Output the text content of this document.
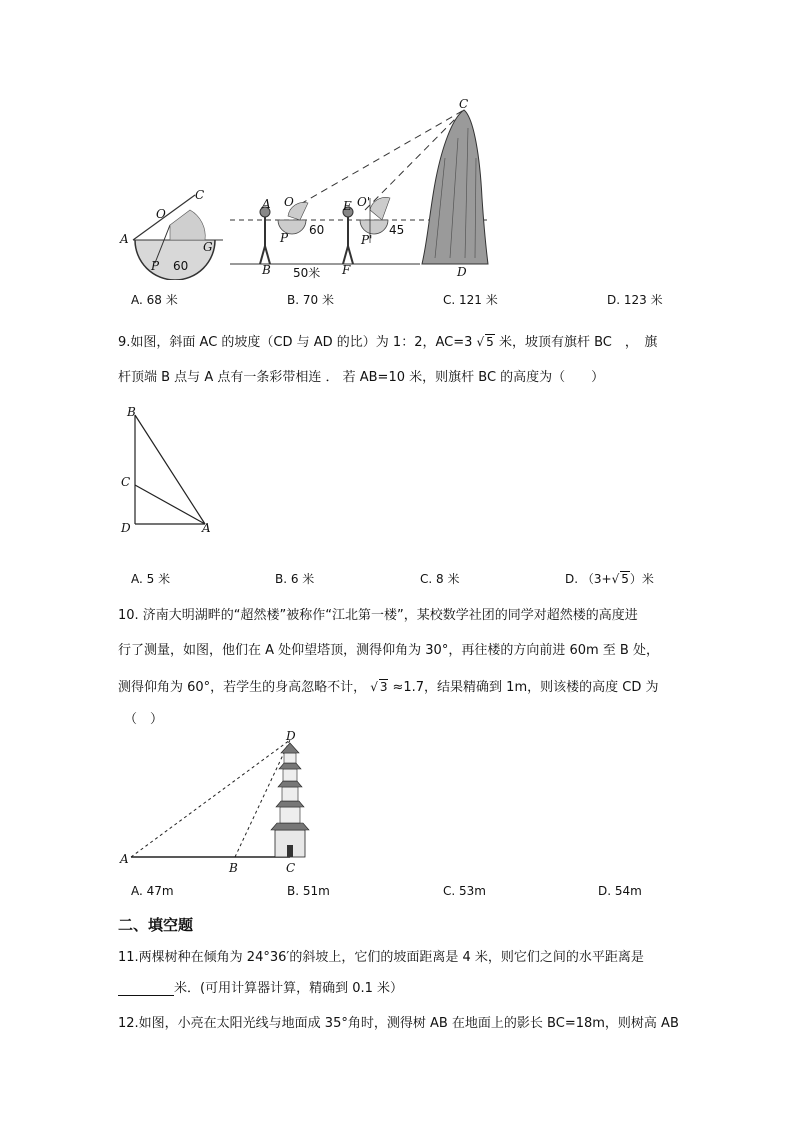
C
O
A
G
P 60
C
A O
P
60
E O'
P'
45
B 50米 F	D
A. 68 米	B. 70 米	C. 121 米	D. 123 米
9.如图，斜面 AC 的坡度（CD 与 AD 的比）为 1：2，AC=3 √ 5 米，坡顶有旗杆 BC　，　旗
杆顶端 B 点与 A 点有一条彩带相连 ． 若 AB=10 米，则旗杆 BC 的高度为（　　）
B
C
D	A
A. 5 米	B. 6 米	C. 8 米	D. （3+√ 5）米
10. 济南大明湖畔的“超然楼”被称作“江北第一楼”，某校数学社团的同学对超然楼的高度进
行了测量，如图，他们在 A 处仰望塔顶，测得仰角为 30°，再往楼的方向前进 60m 至 B 处，
测得仰角为 60°，若学生的身高忽略不计， √ 3 ≈1.7，结果精确到 1m，则该楼的高度 CD 为
（　）
D
A
B	C
A. 47m	B. 51m	C. 53m	D. 54m
二、填空题
11.两棵树种在倾角为 24°36′的斜坡上，它们的坡面距离是 4 米，则它们之间的水平距离是
米．(可用计算器计算，精确到 0.1 米）
12.如图，小亮在太阳光线与地面成 35°角时，测得树 AB 在地面上的影长 BC=18m，则树高 AB
